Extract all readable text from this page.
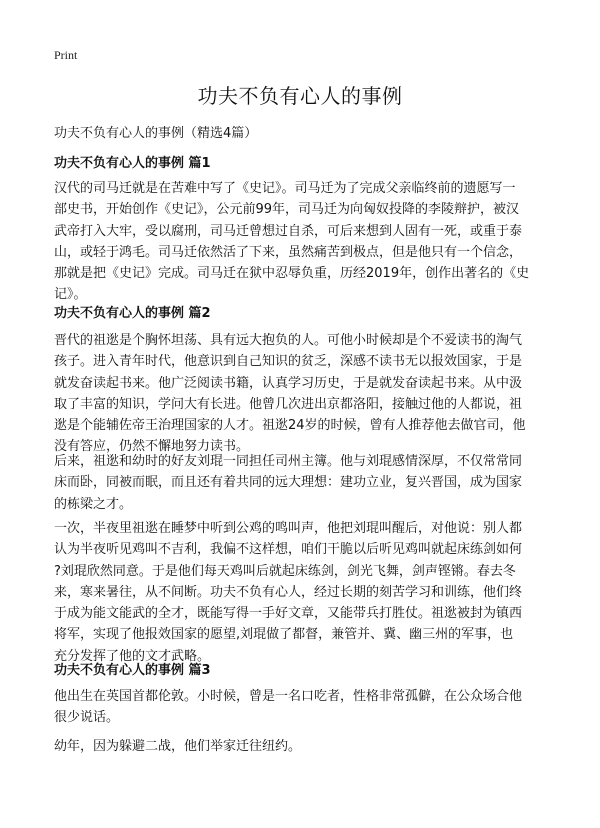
Print
功夫不负有心人的事例
功夫不负有心人的事例（精选4篇）
功夫不负有心人的事例 篇1
汉代的司马迁就是在苦难中写了《史记》。司马迁为了完成父亲临终前的遗愿写一
部史书，开始创作《史记》，公元前99年，司马迁为向匈奴投降的李陵辩护，被汉
武帝打入大牢，受以腐刑，司马迁曾想过自杀，可后来想到人固有一死，或重于泰
山，或轻于鸿毛。司马迁依然活了下来，虽然痛苦到极点，但是他只有一个信念，
那就是把《史记》完成。司马迁在狱中忍辱负重，历经2019年，创作出著名的《史
记》。
功夫不负有心人的事例 篇2
晋代的祖逖是个胸怀坦荡、具有远大抱负的人。可他小时候却是个不爱读书的淘气
孩子。进入青年时代，他意识到自己知识的贫乏，深感不读书无以报效国家，于是
就发奋读起书来。他广泛阅读书籍，认真学习历史，于是就发奋读起书来。从中汲
取了丰富的知识，学问大有长进。他曾几次进出京都洛阳，接触过他的人都说，祖
逖是个能辅佐帝王治理国家的人才。祖逖24岁的时候，曾有人推荐他去做官司，他
没有答应，仍然不懈地努力读书。
后来，祖逖和幼时的好友刘琨一同担任司州主簿。他与刘琨感情深厚，不仅常常同
床而卧，同被而眠，而且还有着共同的远大理想：建功立业，复兴晋国，成为国家
的栋梁之才。
一次，半夜里祖逖在睡梦中听到公鸡的鸣叫声，他把刘琨叫醒后，对他说：别人都
认为半夜听见鸡叫不吉利，我偏不这样想，咱们干脆以后听见鸡叫就起床练剑如何
?刘琨欣然同意。于是他们每天鸡叫后就起床练剑，剑光飞舞，剑声铿锵。春去冬
来，寒来暑往，从不间断。功夫不负有心人，经过长期的刻苦学习和训练，他们终
于成为能文能武的全才，既能写得一手好文章，又能带兵打胜仗。祖逖被封为镇西
将军，实现了他报效国家的愿望,刘琨做了都督，兼管并、冀、幽三州的军事，也
充分发挥了他的文才武略。
功夫不负有心人的事例 篇3
他出生在英国首都伦敦。小时候，曾是一名口吃者，性格非常孤僻，在公众场合他
很少说话。
幼年，因为躲避二战，他们举家迁往纽约。
